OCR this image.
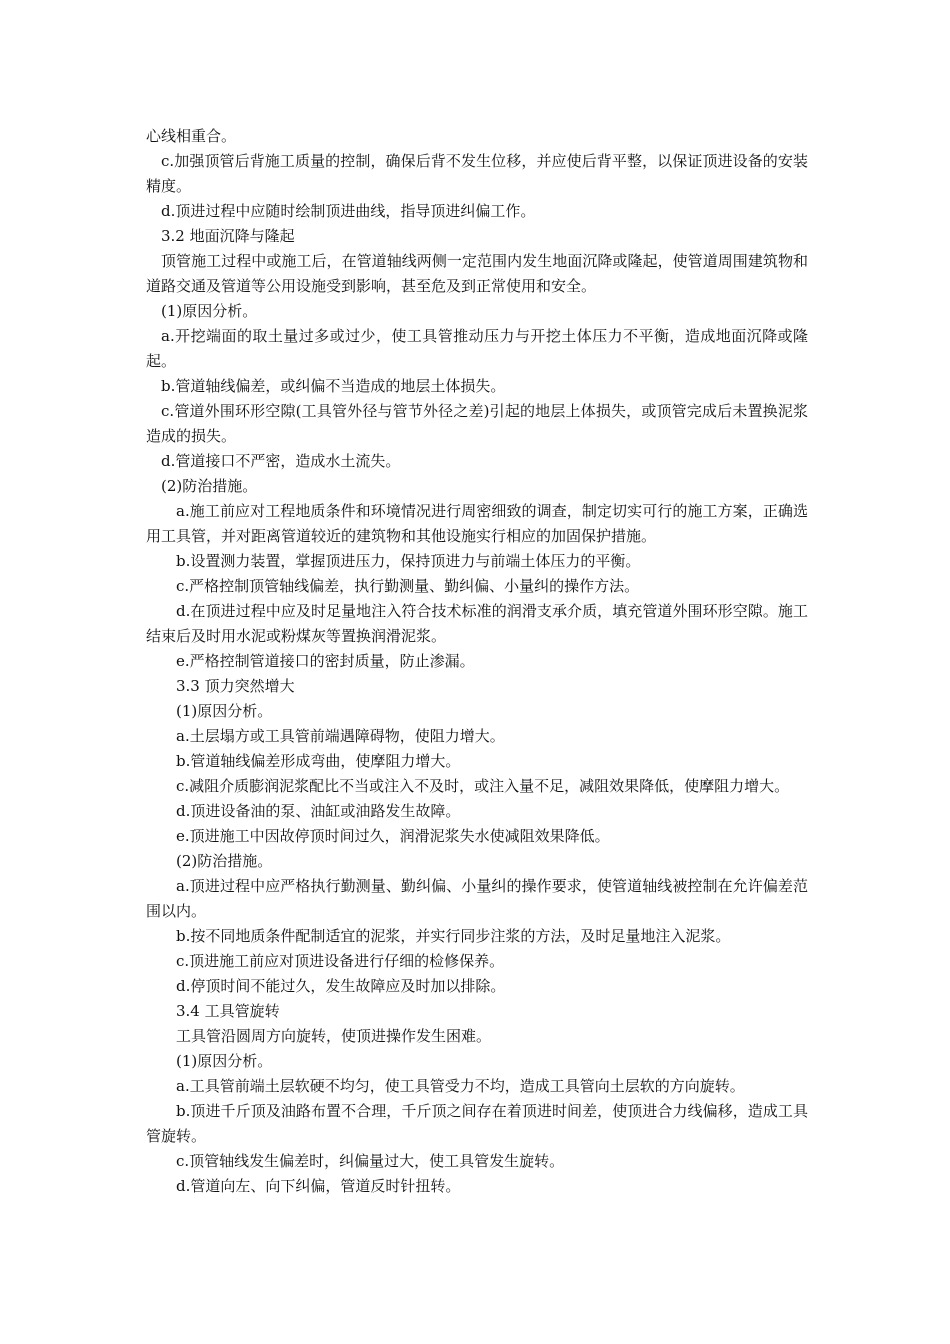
心线相重合。

c.加强顶管后背施工质量的控制，确保后背不发生位移，并应使后背平整，以保证顶进设备的安装精度。

d.顶进过程中应随时绘制顶进曲线，指导顶进纠偏工作。

3.2 地面沉降与隆起

顶管施工过程中或施工后，在管道轴线两侧一定范围内发生地面沉降或隆起，使管道周围建筑物和道路交通及管道等公用设施受到影响，甚至危及到正常使用和安全。

(1)原因分析。

a.开挖端面的取土量过多或过少，使工具管推动压力与开挖土体压力不平衡，造成地面沉降或隆起。

b.管道轴线偏差，或纠偏不当造成的地层土体损失。

c.管道外围环形空隙(工具管外径与管节外径之差)引起的地层上体损失，或顶管完成后未置换泥浆造成的损失。

d.管道接口不严密，造成水土流失。

(2)防治措施。

a.施工前应对工程地质条件和环境情况进行周密细致的调查，制定切实可行的施工方案，正确选用工具管，并对距离管道较近的建筑物和其他设施实行相应的加固保护措施。

b.设置测力装置，掌握顶进压力，保持顶进力与前端土体压力的平衡。

c.严格控制顶管轴线偏差，执行勤测量、勤纠偏、小量纠的操作方法。

d.在顶进过程中应及时足量地注入符合技术标准的润滑支承介质，填充管道外围环形空隙。施工结束后及时用水泥或粉煤灰等置换润滑泥浆。

e.严格控制管道接口的密封质量，防止渗漏。

3.3 顶力突然增大

(1)原因分析。

a.土层塌方或工具管前端遇障碍物，使阻力增大。

b.管道轴线偏差形成弯曲，使摩阻力增大。

c.减阻介质膨润泥浆配比不当或注入不及时，或注入量不足，减阻效果降低，使摩阻力增大。

d.顶进设备油的泵、油缸或油路发生故障。

e.顶进施工中因故停顶时间过久，润滑泥浆失水使减阻效果降低。

(2)防治措施。

a.顶进过程中应严格执行勤测量、勤纠偏、小量纠的操作要求，使管道轴线被控制在允许偏差范围以内。

b.按不同地质条件配制适宜的泥浆，并实行同步注浆的方法，及时足量地注入泥浆。

c.顶进施工前应对顶进设备进行仔细的检修保养。

d.停顶时间不能过久，发生故障应及时加以排除。

3.4 工具管旋转

工具管沿圆周方向旋转，使顶进操作发生困难。

(1)原因分析。

a.工具管前端土层软硬不均匀，使工具管受力不均，造成工具管向土层软的方向旋转。

b.顶进千斤顶及油路布置不合理，千斤顶之间存在着顶进时间差，使顶进合力线偏移，造成工具管旋转。

c.顶管轴线发生偏差时，纠偏量过大，使工具管发生旋转。

d.管道向左、向下纠偏，管道反时针扭转。
